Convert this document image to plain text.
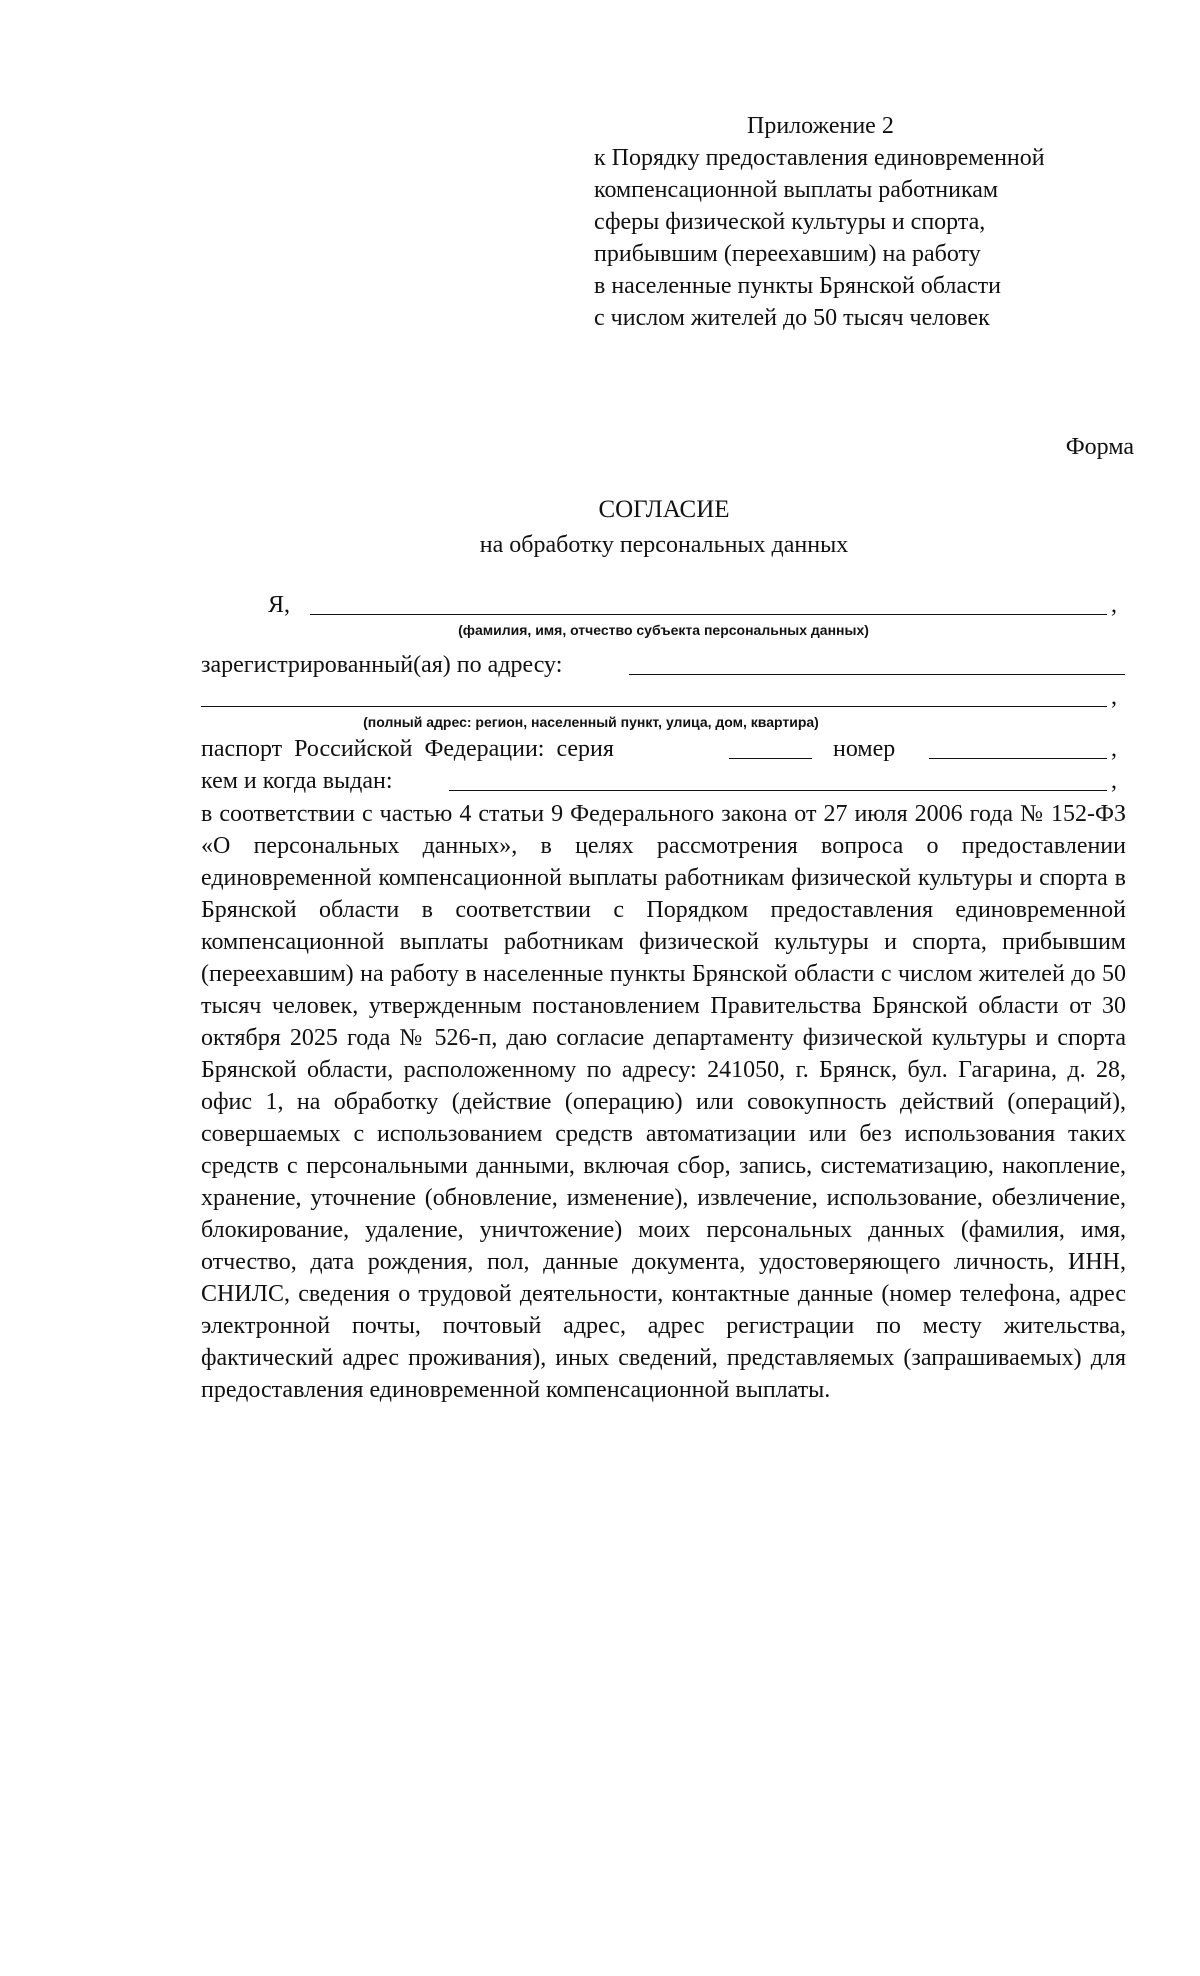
Приложение 2
к Порядку предоставления единовременной
компенсационной выплаты работникам
сферы физической культуры и спорта,
прибывшим (переехавшим) на работу
в населенные пункты Брянской области
с числом жителей до 50 тысяч человек
Форма
СОГЛАСИЕ
на обработку персональных данных
Я,	,
(фамилия, имя, отчество субъекта персональных данных)
зарегистрированный(ая) по адресу:
,
(полный адрес: регион, населенный пункт, улица, дом, квартира)
паспорт Российской Федерации: серия	номер	,
кем и когда выдан:	,

в соответствии с частью 4 статьи 9 Федерального закона от 27 июля 2006 года № 152-ФЗ «О персональных данных», в целях рассмотрения вопроса о предоставлении единовременной компенсационной выплаты работникам физической культуры и спорта в Брянской области в соответствии с Порядком предоставления единовременной компенсационной выплаты работникам физической культуры и спорта, прибывшим (переехавшим) на работу в населенные пункты Брянской области с числом жителей до 50 тысяч человек, утвержденным постановлением Правительства Брянской области от 30 октября 2025 года № 526-п, даю согласие департаменту физической культуры и спорта Брянской области, расположенному по адресу: 241050, г. Брянск, бул. Гагарина, д. 28, офис 1, на обработку (действие (операцию) или совокупность действий (операций), совершаемых с использованием средств автоматизации или без использования таких средств с персональными данными, включая сбор, запись, систематизацию, накопление, хранение, уточнение (обновление, изменение), извлечение, использование, обезличение, блокирование, удаление, уничтожение) моих персональных данных (фамилия, имя, отчество, дата рождения, пол, данные документа, удостоверяющего личность, ИНН, СНИЛС, сведения о трудовой деятельности, контактные данные (номер телефона, адрес электронной почты, почтовый адрес, адрес регистрации по месту жительства, фактический адрес проживания), иных сведений, представляемых (запрашиваемых) для предоставления единовременной компенсационной выплаты.
